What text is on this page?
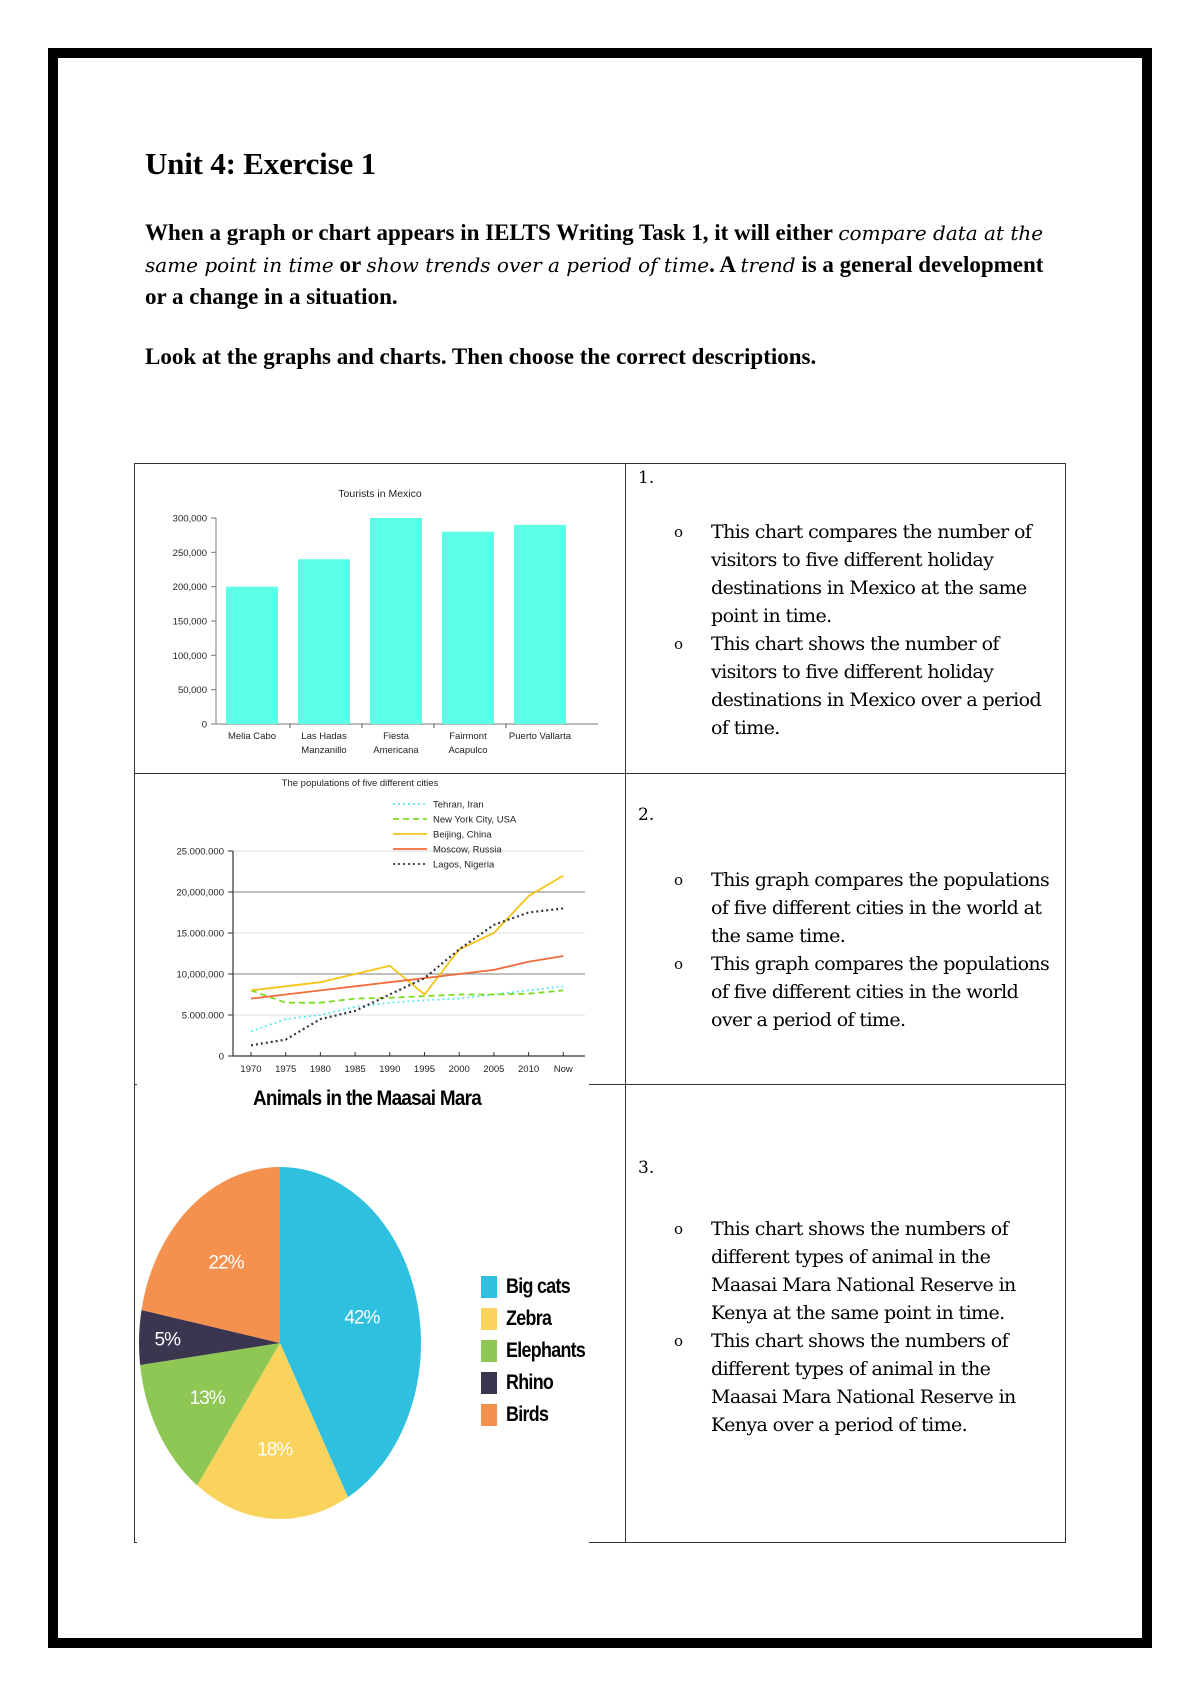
Unit 4: Exercise 1

When a graph or chart appears in IELTS Writing Task 1, it will either compare data at the same point in time or show trends over a period of time. A trend is a general development or a change in a situation.

Look at the graphs and charts. Then choose the correct descriptions.

Tourists in Mexico
0
50,000
100,000
150,000
200,000
250,000
300,000
Melia Cabo	Las Hadas
Manzanillo
Fiesta
Americana
Fairmont
Acapulco
Puerto Vallarta

1.
o This chart compares the number of visitors to five different holiday destinations in Mexico at the same point in time.
o This chart shows the number of visitors to five different holiday destinations in Mexico over a period of time.

The populations of five different cities
0
5.000.000
10,000,000
15.000.000
20,000,000
25.000.000
1970 1975 1980 1985 1990 1995 2000 2005 2010 Now
Tehran, Iran
New York City, USA
Beijing, China
Moscow, Russia
Lagos, Nigeria

2.
o This graph compares the populations of five different cities in the world at the same time.
o This graph compares the populations of five different cities in the world over a period of time.

Animals in the Maasai Mara
42%
18%
13%
5%
22%
Big cats
Zebra
Elephants
Rhino
Birds

3.
o This chart shows the numbers of different types of animal in the Maasai Mara National Reserve in Kenya at the same point in time.
o This chart shows the numbers of different types of animal in the Maasai Mara National Reserve in Kenya over a period of time.
